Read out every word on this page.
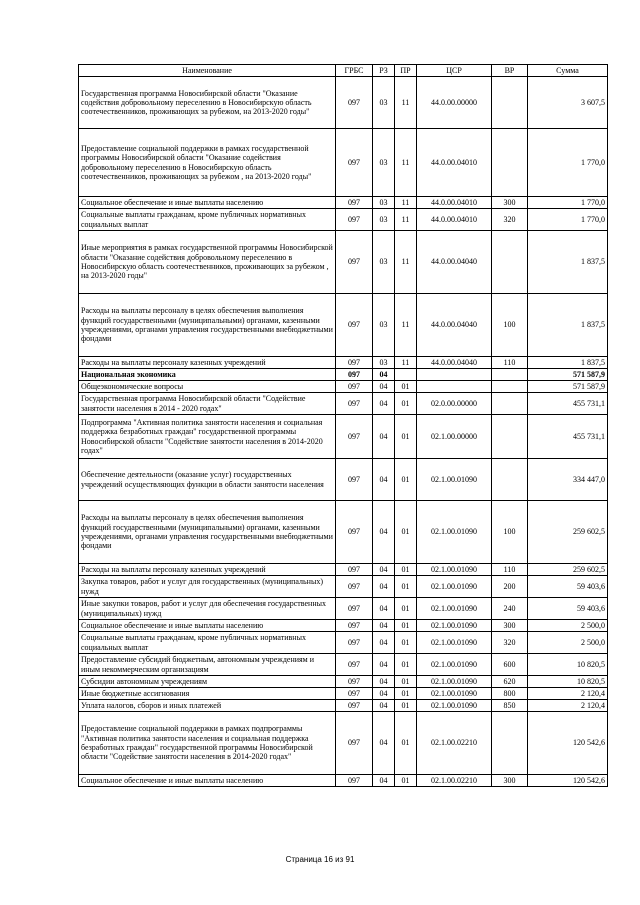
Наименование	ГРБС	РЗ	ПР	ЦСР	ВР	Сумма
Государственная программа Новосибирской области "Оказание содействия добровольному переселению в Новосибирскую область соотечественников, проживающих за рубежом, на 2013-2020 годы"	097	03	11	44.0.00.00000		3 607,5
Предоставление социальной поддержки в рамках государственной программы Новосибирской области "Оказание содействия добровольному переселению в Новосибирскую область соотечественников, проживающих за рубежом , на 2013-2020 годы"	097	03	11	44.0.00.04010		1 770,0
Социальное обеспечение и иные выплаты населению	097	03	11	44.0.00.04010	300	1 770,0
Социальные выплаты гражданам, кроме публичных нормативных социальных выплат	097	03	11	44.0.00.04010	320	1 770,0
Иные мероприятия в рамках государственной программы Новосибирской области "Оказание содействия добровольному переселению в Новосибирскую область соотечественников, проживающих за рубежом , на 2013-2020 годы"	097	03	11	44.0.00.04040		1 837,5
Расходы на выплаты персоналу в целях обеспечения выполнения функций государственными (муниципальными) органами, казенными учреждениями, органами управления государственными внебюджетными фондами	097	03	11	44.0.00.04040	100	1 837,5
Расходы на выплаты персоналу казенных учреждений	097	03	11	44.0.00.04040	110	1 837,5
Национальная экономика	097	04				571 587,9
Общеэкономические вопросы	097	04	01			571 587,9
Государственная программа Новосибирской области "Содействие занятости населения в 2014 - 2020 годах"	097	04	01	02.0.00.00000		455 731,1
Подпрограмма "Активная политика занятости населения и социальная поддержка безработных граждан" государственной программы Новосибирской области "Содействие занятости населения в 2014-2020 годах"	097	04	01	02.1.00.00000		455 731,1
Обеспечение деятельности (оказание услуг) государственных учреждений осуществляющих функции в области занятости населения	097	04	01	02.1.00.01090		334 447,0
Расходы на выплаты персоналу в целях обеспечения выполнения функций государственными (муниципальными) органами, казенными учреждениями, органами управления государственными внебюджетными фондами	097	04	01	02.1.00.01090	100	259 602,5
Расходы на выплаты персоналу казенных учреждений	097	04	01	02.1.00.01090	110	259 602,5
Закупка товаров, работ и услуг для государственных (муниципальных) нужд	097	04	01	02.1.00.01090	200	59 403,6
Иные закупки товаров, работ и услуг для обеспечения государственных (муниципальных) нужд	097	04	01	02.1.00.01090	240	59 403,6
Социальное обеспечение и иные выплаты населению	097	04	01	02.1.00.01090	300	2 500,0
Социальные выплаты гражданам, кроме публичных нормативных социальных выплат	097	04	01	02.1.00.01090	320	2 500,0
Предоставление субсидий бюджетным, автономным учреждениям и иным некоммерческим организациям	097	04	01	02.1.00.01090	600	10 820,5
Субсидии автономным учреждениям	097	04	01	02.1.00.01090	620	10 820,5
Иные бюджетные ассигнования	097	04	01	02.1.00.01090	800	2 120,4
Уплата налогов, сборов и иных платежей	097	04	01	02.1.00.01090	850	2 120,4
Предоставление социальной поддержки в рамках подпрограммы "Активная политика занятости населения и социальная поддержка безработных граждан" государственной программы Новосибирской области "Содействие занятости населения в 2014-2020 годах"	097	04	01	02.1.00.02210		120 542,6
Социальное обеспечение и иные выплаты населению	097	04	01	02.1.00.02210	300	120 542,6
Страница 16 из 91
